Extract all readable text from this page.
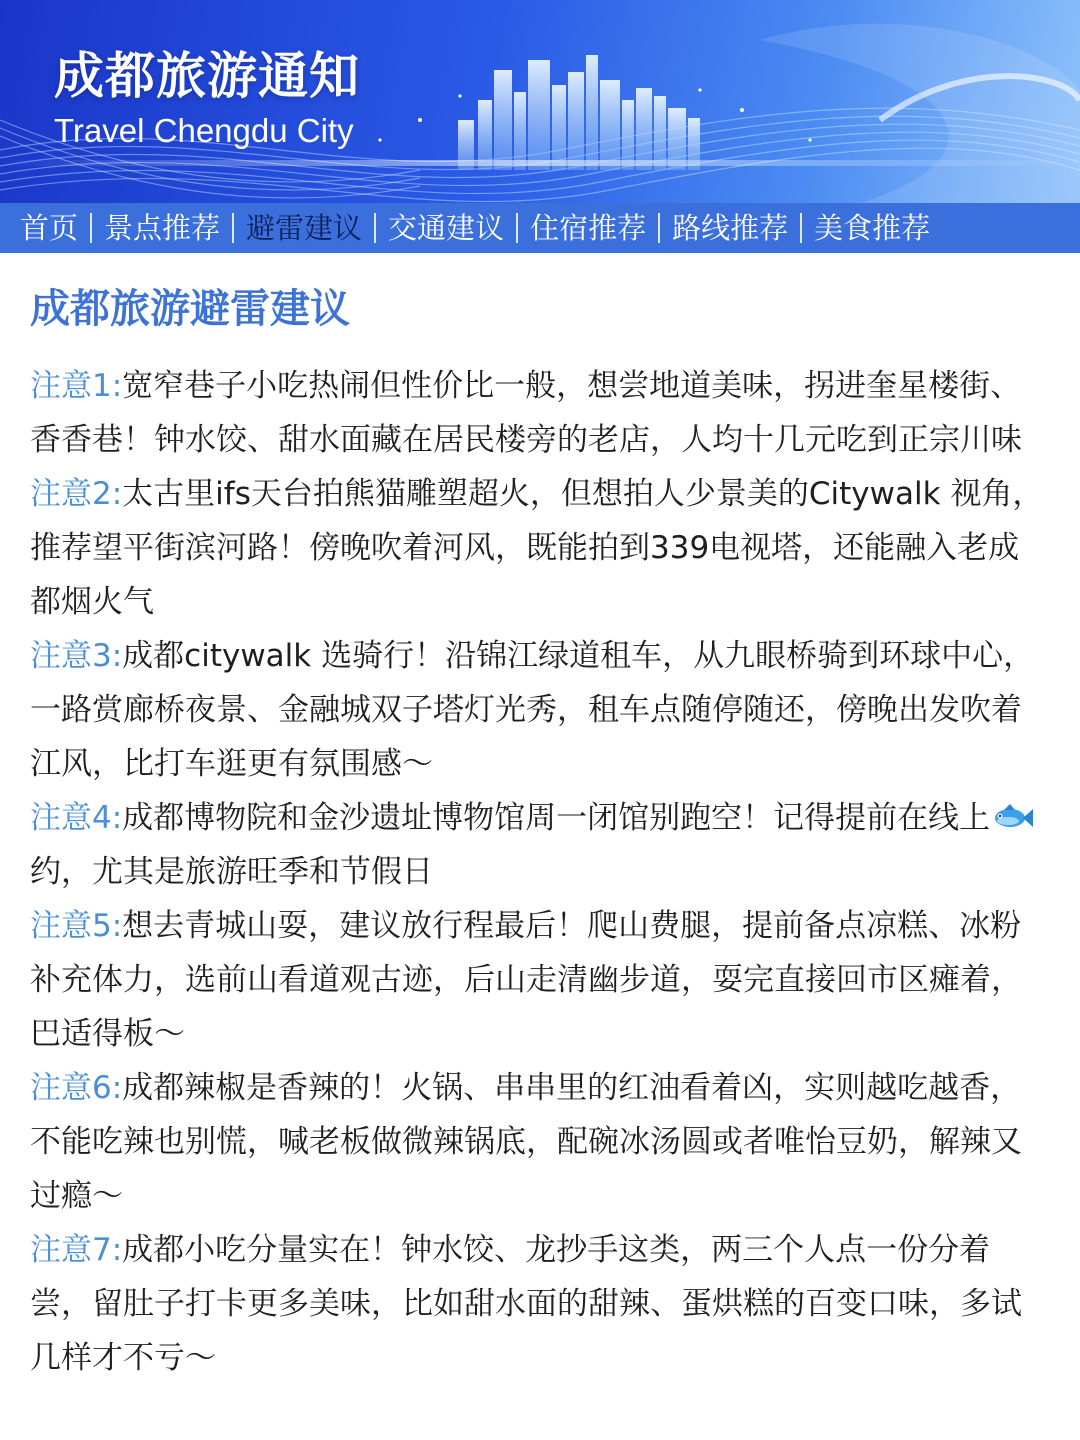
成都旅游通知
Travel Chengdu City
首页 景点推荐 避雷建议 交通建议 住宿推荐 路线推荐 美食推荐
成都旅游避雷建议

注意1:宽窄巷子小吃热闹但性价比一般，想尝地道美味，拐进奎星楼街、香香巷！钟水饺、甜水面藏在居民楼旁的老店，人均十几元吃到正宗川味

注意2:太古里ifs天台拍熊猫雕塑超火，但想拍人少景美的Citywalk 视角，推荐望平街滨河路！傍晚吹着河风，既能拍到339电视塔，还能融入老成都烟火气

注意3:成都citywalk 选骑行！沿锦江绿道租车，从九眼桥骑到环球中心，一路赏廊桥夜景、金融城双子塔灯光秀，租车点随停随还，傍晚出发吹着江风，比打车逛更有氛围感～

注意4:成都博物院和金沙遗址博物馆周一闭馆别跑空！记得提前在线上约，尤其是旅游旺季和节假日

注意5:想去青城山耍，建议放行程最后！爬山费腿，提前备点凉糕、冰粉补充体力，选前山看道观古迹，后山走清幽步道，耍完直接回市区瘫着，巴适得板～

注意6:成都辣椒是香辣的！火锅、串串里的红油看着凶，实则越吃越香，不能吃辣也别慌，喊老板做微辣锅底，配碗冰汤圆或者唯怡豆奶，解辣又过瘾～

注意7:成都小吃分量实在！钟水饺、龙抄手这类，两三个人点一份分着尝，留肚子打卡更多美味，比如甜水面的甜辣、蛋烘糕的百变口味，多试几样才不亏～
